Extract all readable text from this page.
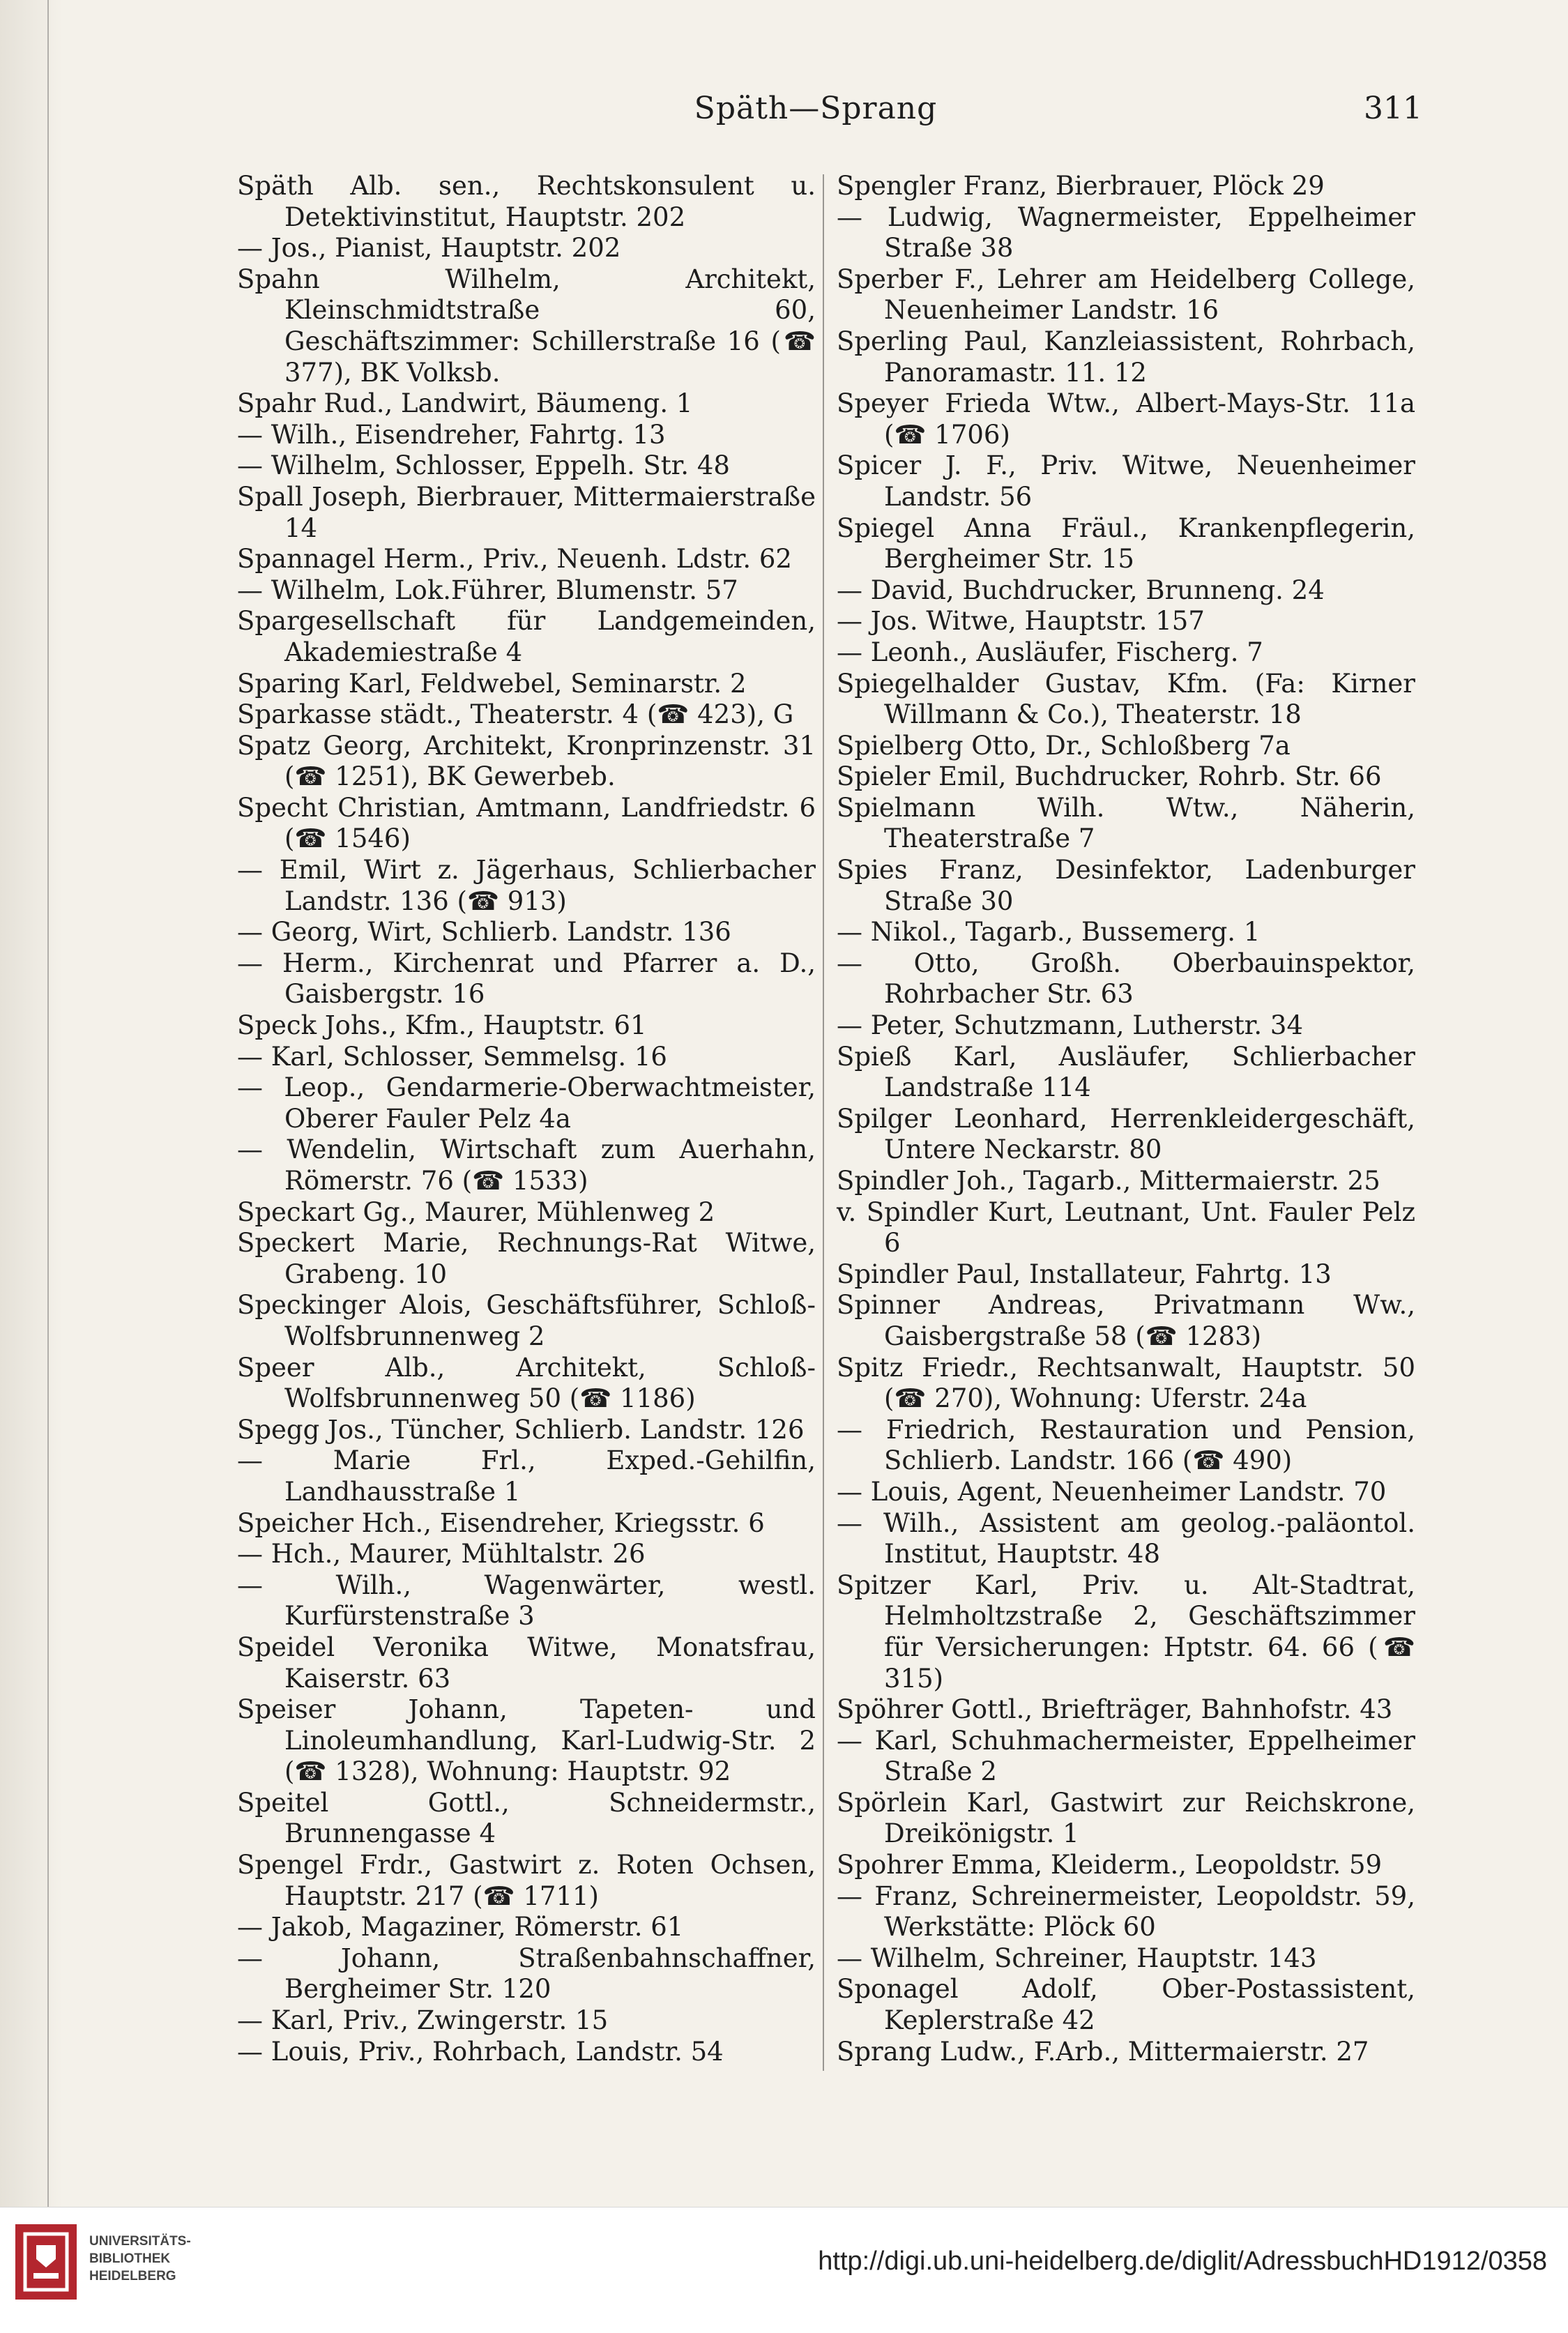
Späth—Sprang	311
Späth Alb. sen., Rechtskonsulent u. Detektivinstitut, Hauptstr. 202
— Jos., Pianist, Hauptstr. 202
Spahn Wilhelm, Architekt, Kleinschmidtstraße 60, Geschäftszimmer: Schillerstraße 16 (☎ 377), BK Volksb.
Spahr Rud., Landwirt, Bäumeng. 1
— Wilh., Eisendreher, Fahrtg. 13
— Wilhelm, Schlosser, Eppelh. Str. 48
Spall Joseph, Bierbrauer, Mittermaierstraße 14
Spannagel Herm., Priv., Neuenh. Ldstr. 62
— Wilhelm, Lok.Führer, Blumenstr. 57
Spargesellschaft für Landgemeinden, Akademiestraße 4
Sparing Karl, Feldwebel, Seminarstr. 2
Sparkasse städt., Theaterstr. 4 (☎ 423), G
Spatz Georg, Architekt, Kronprinzenstr. 31 (☎ 1251), BK Gewerbeb.
Specht Christian, Amtmann, Landfriedstr. 6 (☎ 1546)
— Emil, Wirt z. Jägerhaus, Schlierbacher Landstr. 136 (☎ 913)
— Georg, Wirt, Schlierb. Landstr. 136
— Herm., Kirchenrat und Pfarrer a. D., Gaisbergstr. 16
Speck Johs., Kfm., Hauptstr. 61
— Karl, Schlosser, Semmelsg. 16
— Leop., Gendarmerie-Oberwachtmeister, Oberer Fauler Pelz 4a
— Wendelin, Wirtschaft zum Auerhahn, Römerstr. 76 (☎ 1533)
Speckart Gg., Maurer, Mühlenweg 2
Speckert Marie, Rechnungs-Rat Witwe, Grabeng. 10
Speckinger Alois, Geschäftsführer, Schloß-Wolfsbrunnenweg 2
Speer Alb., Architekt, Schloß-Wolfsbrunnenweg 50 (☎ 1186)
Spegg Jos., Tüncher, Schlierb. Landstr. 126
— Marie Frl., Exped.-Gehilfin, Landhausstraße 1
Speicher Hch., Eisendreher, Kriegsstr. 6
— Hch., Maurer, Mühltalstr. 26
— Wilh., Wagenwärter, westl. Kurfürstenstraße 3
Speidel Veronika Witwe, Monatsfrau, Kaiserstr. 63
Speiser Johann, Tapeten- und Linoleumhandlung, Karl-Ludwig-Str. 2 (☎ 1328), Wohnung: Hauptstr. 92
Speitel Gottl., Schneidermstr., Brunnengasse 4
Spengel Frdr., Gastwirt z. Roten Ochsen, Hauptstr. 217 (☎ 1711)
— Jakob, Magaziner, Römerstr. 61
— Johann, Straßenbahnschaffner, Bergheimer Str. 120
— Karl, Priv., Zwingerstr. 15
— Louis, Priv., Rohrbach, Landstr. 54
Spengler Franz, Bierbrauer, Plöck 29
— Ludwig, Wagnermeister, Eppelheimer Straße 38
Sperber F., Lehrer am Heidelberg College, Neuenheimer Landstr. 16
Sperling Paul, Kanzleiassistent, Rohrbach, Panoramastr. 11. 12
Speyer Frieda Wtw., Albert-Mays-Str. 11a (☎ 1706)
Spicer J. F., Priv. Witwe, Neuenheimer Landstr. 56
Spiegel Anna Fräul., Krankenpflegerin, Bergheimer Str. 15
— David, Buchdrucker, Brunneng. 24
— Jos. Witwe, Hauptstr. 157
— Leonh., Ausläufer, Fischerg. 7
Spiegelhalder Gustav, Kfm. (Fa: Kirner Willmann & Co.), Theaterstr. 18
Spielberg Otto, Dr., Schloßberg 7a
Spieler Emil, Buchdrucker, Rohrb. Str. 66
Spielmann Wilh. Wtw., Näherin, Theaterstraße 7
Spies Franz, Desinfektor, Ladenburger Straße 30
— Nikol., Tagarb., Bussemerg. 1
— Otto, Großh. Oberbauinspektor, Rohrbacher Str. 63
— Peter, Schutzmann, Lutherstr. 34
Spieß Karl, Ausläufer, Schlierbacher Landstraße 114
Spilger Leonhard, Herrenkleidergeschäft, Untere Neckarstr. 80
Spindler Joh., Tagarb., Mittermaierstr. 25
v. Spindler Kurt, Leutnant, Unt. Fauler Pelz 6
Spindler Paul, Installateur, Fahrtg. 13
Spinner Andreas, Privatmann Ww., Gaisbergstraße 58 (☎ 1283)
Spitz Friedr., Rechtsanwalt, Hauptstr. 50 (☎ 270), Wohnung: Uferstr. 24a
— Friedrich, Restauration und Pension, Schlierb. Landstr. 166 (☎ 490)
— Louis, Agent, Neuenheimer Landstr. 70
— Wilh., Assistent am geolog.-paläontol. Institut, Hauptstr. 48
Spitzer Karl, Priv. u. Alt-Stadtrat, Helmholtzstraße 2, Geschäftszimmer für Versicherungen: Hptstr. 64. 66 (☎ 315)
Spöhrer Gottl., Briefträger, Bahnhofstr. 43
— Karl, Schuhmachermeister, Eppelheimer Straße 2
Spörlein Karl, Gastwirt zur Reichskrone, Dreikönigstr. 1
Spohrer Emma, Kleiderm., Leopoldstr. 59
— Franz, Schreinermeister, Leopoldstr. 59, Werkstätte: Plöck 60
— Wilhelm, Schreiner, Hauptstr. 143
Sponagel Adolf, Ober-Postassistent, Keplerstraße 42
Sprang Ludw., F.Arb., Mittermaierstr. 27
UNIVERSITÄTS-
BIBLIOTHEK
HEIDELBERG
http://digi.ub.uni-heidelberg.de/diglit/AdressbuchHD1912/0358
